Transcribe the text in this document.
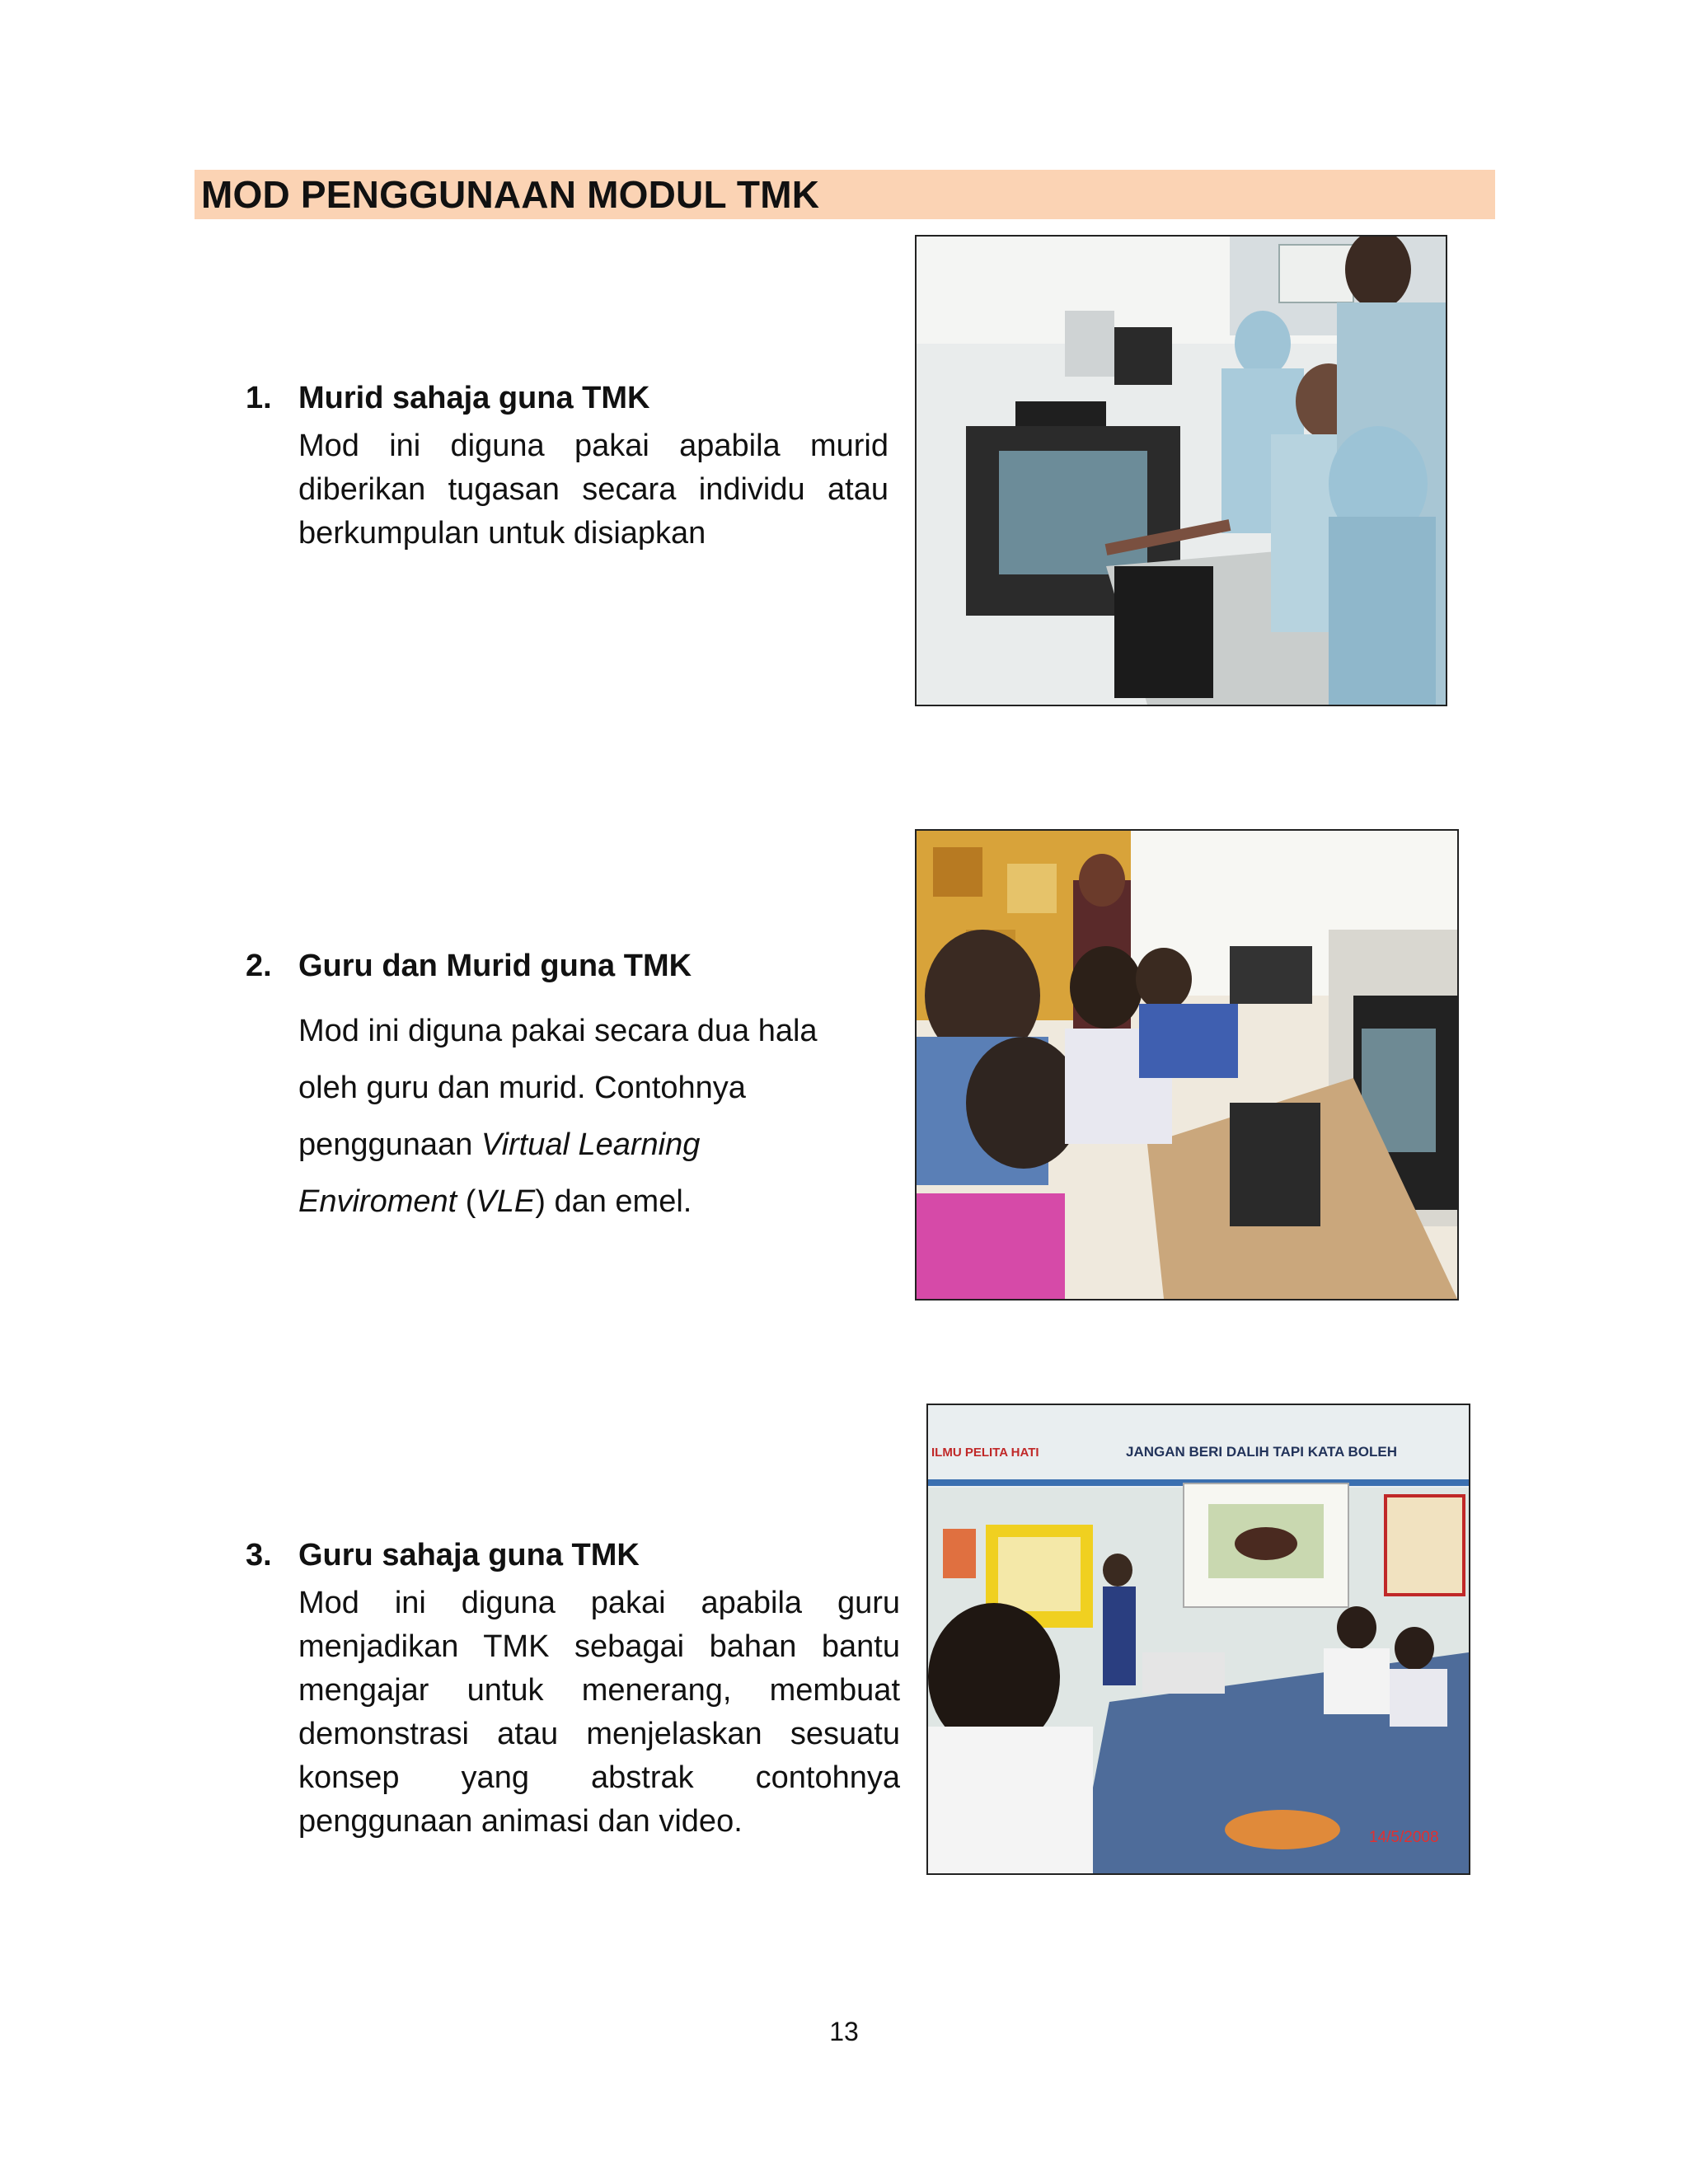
MOD PENGGUNAAN MODUL TMK
1. Murid sahaja guna TMK
Mod ini diguna pakai apabila murid diberikan tugasan secara individu atau berkumpulan untuk disiapkan
2. Guru dan Murid guna TMK
Mod ini diguna pakai secara dua hala
oleh guru dan murid. Contohnya
penggunaan Virtual Learning
Enviroment (VLE) dan emel.
3. Guru sahaja guna TMK
Mod ini diguna pakai apabila guru menjadikan TMK sebagai bahan bantu mengajar untuk menerang, membuat demonstrasi atau menjelaskan sesuatu konsep yang abstrak contohnya penggunaan animasi dan video.
JANGAN BERI DALIH TAPI KATA BOLEH
ILMU PELITA HATI
14/5/2008
13
